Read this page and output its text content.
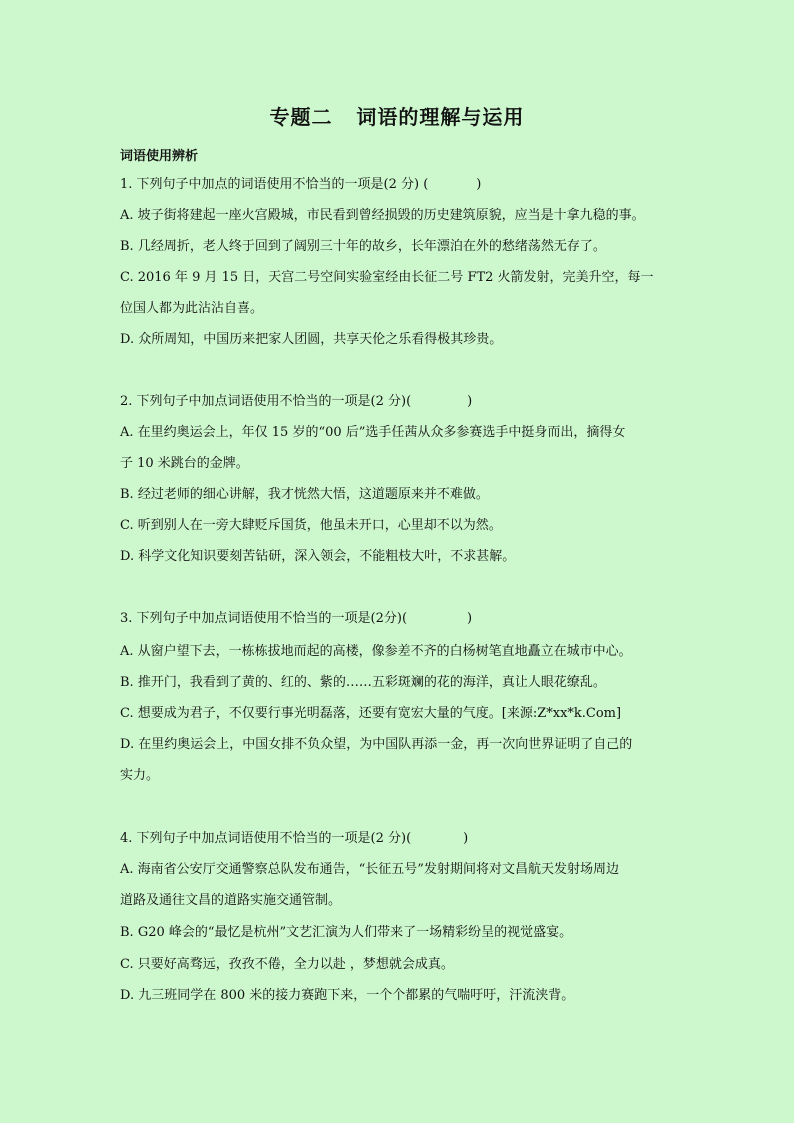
专题二   词语的理解与运用
词语使用辨析
1. 下列句子中加点的词语使用不恰当的一项是(2 分) (	)
A. 坡子街将建起一座火宫殿城，市民看到曾经损毁的历史建筑原貌，应当是十拿九稳的事。
B. 几经周折，老人终于回到了阔别三十年的故乡，长年漂泊在外的愁绪荡然无存了。
C. 2016 年 9 月 15 日，天宫二号空间实验室经由长征二号 FT2 火箭发射，完美升空，每一
位国人都为此沾沾自喜。
D. 众所周知，中国历来把家人团圆，共享天伦之乐看得极其珍贵。
2. 下列句子中加点词语使用不恰当的一项是(2 分)(	)
A. 在里约奥运会上，年仅 15 岁的“00 后”选手任茜从众多参赛选手中挺身而出，摘得女
子 10 米跳台的金牌。
B. 经过老师的细心讲解，我才恍然大悟，这道题原来并不难做。
C. 听到别人在一旁大肆贬斥国货，他虽未开口，心里却不以为然。
D. 科学文化知识要刻苦钻研，深入领会，不能粗枝大叶，不求甚解。
3. 下列句子中加点词语使用不恰当的一项是(2分)(	)
A. 从窗户望下去，一栋栋拔地而起的高楼，像参差不齐的白杨树笔直地矗立在城市中心。
B. 推开门，我看到了黄的、红的、紫的……五彩斑斓的花的海洋，真让人眼花缭乱。
C. 想要成为君子，不仅要行事光明磊落，还要有宽宏大量的气度。[来源:Z*xx*k.Com]
D. 在里约奥运会上，中国女排不负众望，为中国队再添一金，再一次向世界证明了自己的
实力。
4. 下列句子中加点词语使用不恰当的一项是(2 分)(	)
A. 海南省公安厅交通警察总队发布通告，“长征五号”发射期间将对文昌航天发射场周边
道路及通往文昌的道路实施交通管制。
B. G20 峰会的“最忆是杭州”文艺汇演为人们带来了一场精彩纷呈的视觉盛宴。
C. 只要好高骛远，孜孜不倦，全力以赴 ，梦想就会成真。
D. 九三班同学在 800 米的接力赛跑下来，一个个都累的气喘吁吁，汗流浃背。
